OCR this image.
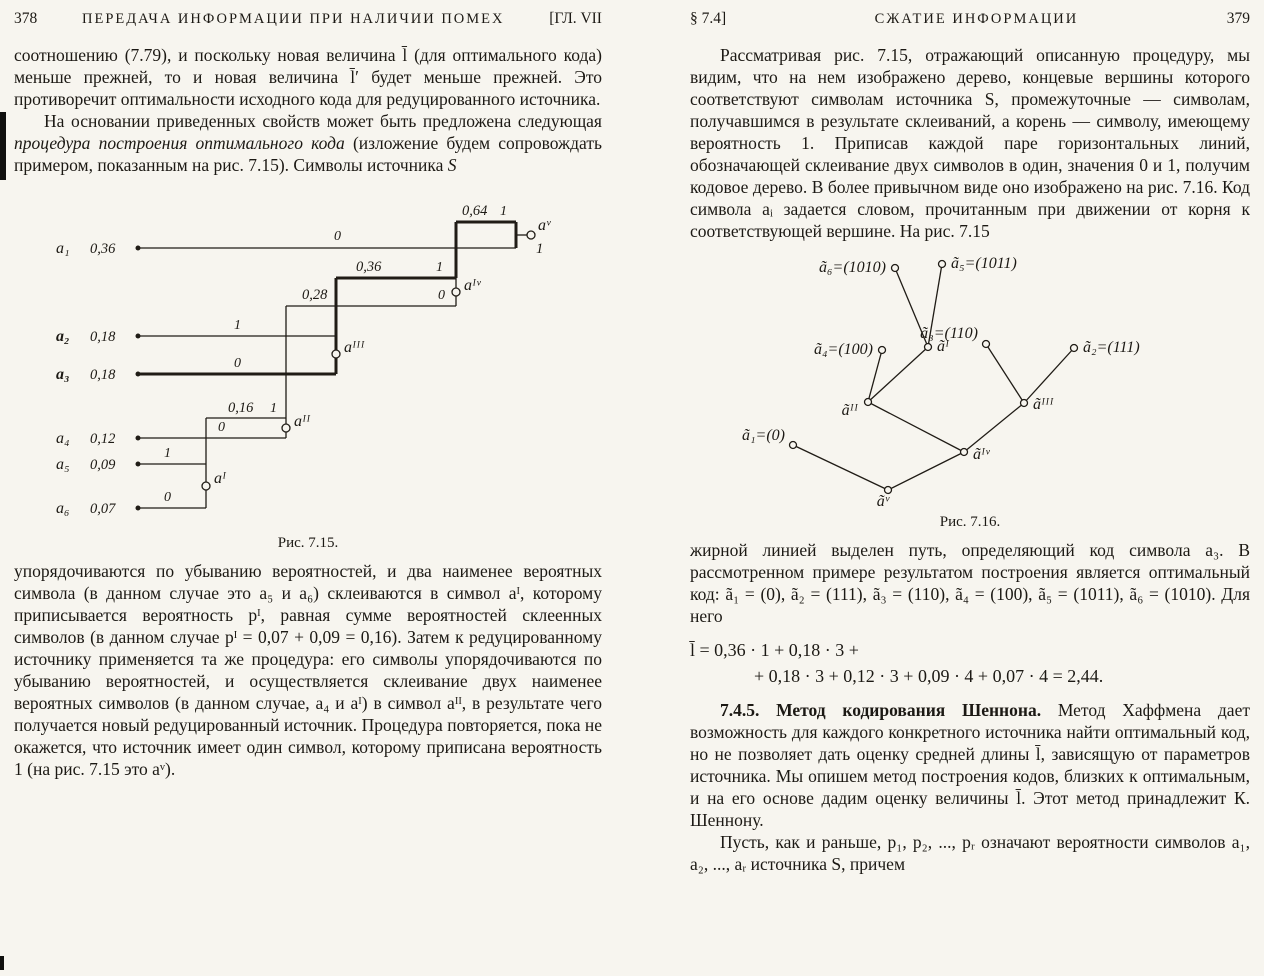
378	ПЕРЕДАЧА ИНФОРМАЦИИ ПРИ НАЛИЧИИ ПОМЕХ	[ГЛ. VII

соотношению (7.79), и поскольку новая величина l̄ (для оптимального кода) меньше прежней, то и новая величина l̄′ будет меньше прежней. Это противоречит оптимальности исходного кода для редуцированного источника.

На основании приведенных свойств может быть предложена следующая процедура построения оптимального кода (изложение будем сопровождать примером, показанным на рис. 7.15). Символы источника S

a₁
a₂
a₃
a₄
a₅
a₆
0,36
0,18
0,18
0,12
0,09
0,07
0
1
0
0
1
0
aᴵ
aᴵᴵ
aᴵᴵᴵ
aᴵᵛ
aᵛ
0,16
0,28
0,36
0,64
1
1
0
1
1
Рис. 7.15.

упорядочиваются по убыванию вероятностей, и два наименее вероятных символа (в данном случае это a₅ и a₆) склеиваются в символ aᴵ, которому приписывается вероятность pᴵ, равная сумме вероятностей склеенных символов (в данном случае pᴵ = 0,07 + 0,09 = 0,16). Затем к редуцированному источнику применяется та же процедура: его символы упорядочиваются по убыванию вероятностей, и осуществляется склеивание двух наименее вероятных символов (в данном случае, a₄ и aᴵ) в символ aᴵᴵ, в результате чего получается новый редуцированный источник. Процедура повторяется, пока не окажется, что источник имеет один символ, которому приписана вероятность 1 (на рис. 7.15 это aᵛ).

§ 7.4]	СЖАТИЕ ИНФОРМАЦИИ	379

Рассматривая рис. 7.15, отражающий описанную процедуру, мы видим, что на нем изображено дерево, концевые вершины которого соответствуют символам источника S, промежуточные — символам, получавшимся в результате склеиваний, а корень — символу, имеющему вероятность 1. Приписав каждой паре горизонтальных линий, обозначающей склеивание двух символов в один, значения 0 и 1, получим кодовое дерево. В более привычном виде оно изображено на рис. 7.16. Код символа aᵢ задается словом, прочитанным при движении от корня к соответствующей вершине. На рис. 7.15

ã₆=(1010)	ã₅=(1011)
ã₄=(100)	ãᴵ
ã₃=(110)
ã₂=(111)
ãᴵᴵ	ãᴵᴵᴵ
ã₁=(0)
ãᴵᵛ
ãᵛ
Рис. 7.16.

жирной линией выделен путь, определяющий код символа a₃. В рассмотренном примере результатом построения является оптимальный код: ã₁ = (0), ã₂ = (111), ã₃ = (110), ã₄ = (100), ã₅ = (1011), ã₆ = (1010). Для него

l̄ = 0,36 · 1 + 0,18 · 3 +
+ 0,18 · 3 + 0,12 · 3 + 0,09 · 4 + 0,07 · 4 = 2,44.

7.4.5. Метод кодирования Шеннона. Метод Хаффмена дает возможность для каждого конкретного источника найти оптимальный код, но не позволяет дать оценку средней длины l̄, зависящую от параметров источника. Мы опишем метод построения кодов, близких к оптимальным, и на его основе дадим оценку величины l̄. Этот метод принадлежит К. Шеннону.

Пусть, как и раньше, p₁, p₂, ..., pᵣ означают вероятности символов a₁, a₂, ..., aᵣ источника S, причем
